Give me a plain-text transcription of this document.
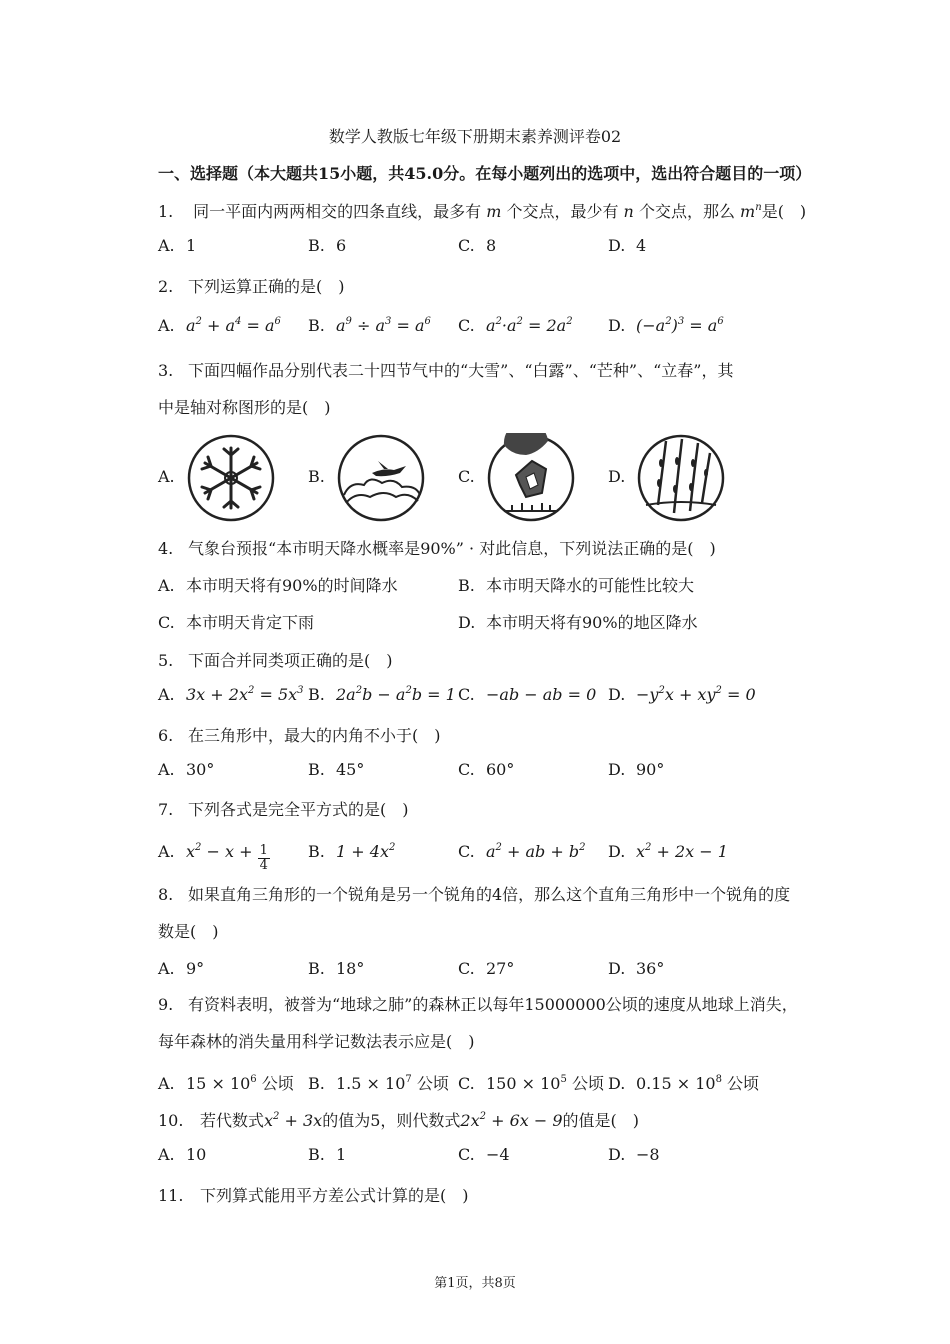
数学人教版七年级下册期末素养测评卷02
一、选择题（本大题共15小题，共45.0分。在每小题列出的选项中，选出符合题目的一项）
1. 同一平面内两两相交的四条直线，最多有 m 个交点，最少有 n 个交点，那么 $m^n$是(　)
A. 1	B. 6	C. 8	D. 4
2. 下列运算正确的是(　)
A. $a^2 + a^4 = a^6$ B. $a^9 \div a^3 = a^6$ C. $a^2\cdot a^2 = 2a^2$ D. $(-a^2)^3 = a^6$
3. 下面四幅作品分别代表二十四节气中的“大雪”、“白露”、“芒种”、“立春”，其
中是轴对称图形的是(　)
A.	B.	C.	D.
4. 气象台预报“本市明天降水概率是90%” · 对此信息，下列说法正确的是(　)
A. 本市明天将有90%的时间降水	B. 本市明天降水的可能性比较大
C. 本市明天肯定下雨	D. 本市明天将有90%的地区降水
5. 下面合并同类项正确的是(　)
A. $3x + 2x^2 = 5x^3$ B. $2a^2b - a^2b = 1$ C. −ab − ab = 0 D. $-y^2x + xy^2 = 0$
6. 在三角形中，最大的内角不小于(　)
A. 30°	B. 45°	C. 60°	D. 90°
7. 下列各式是完全平方式的是(　)
A. $x^2 - x + \frac{1}{4} B$. $1 + 4x^2$	C. $a^2$ + ab + $b^2$ D. $x^2 + 2x - 1$
8. 如果直角三角形的一个锐角是另一个锐角的4倍，那么这个直角三角形中一个锐角的度
数是(　)
A. 9°	B. 18°	C. 27°	D. 36°
9. 有资料表明，被誉为“地球之肺”的森林正以每年15000000公顷的速度从地球上消失，
每年森林的消失量用科学记数法表示应是(　)
A. $15 \times 10^6$ 公顷 B. $1.5 \times 10^7$ 公顷 C. $150 \times 10^5$ 公顷 D. $0.15 \times 10^8$ 公顷
10. 若代数式$x^2 + 3x$的值为5，则代数式$2x^2 + 6x - 9$的值是(　)
A. 10	B. 1	C. −4	D. −8
11. 下列算式能用平方差公式计算的是(　)
第1页，共8页
